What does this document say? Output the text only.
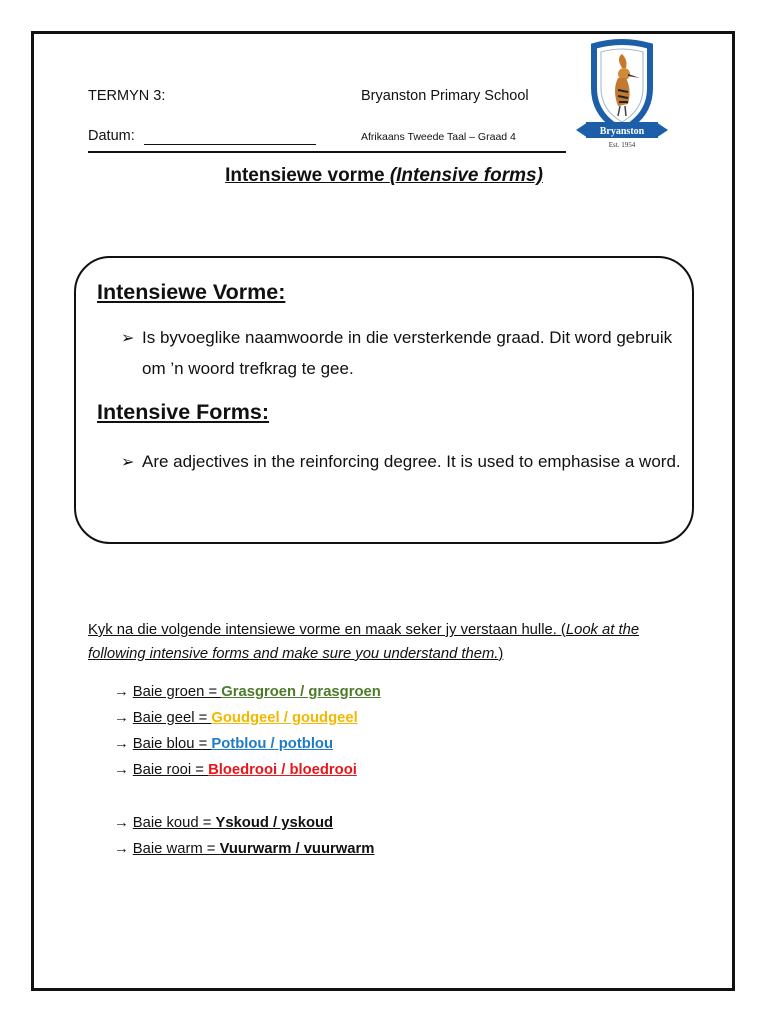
TERMYN 3:	Bryanston Primary School
Datum:	Afrikaans Tweede Taal – Graad 4	Bryanston
Est. 1954
Intensiewe vorme (Intensive forms)
Intensiewe Vorme:
➢ Is byvoeglike naamwoorde in die versterkende graad. Dit word gebruik om ’n woord trefkrag te gee.
Intensive Forms:
➢ Are adjectives in the reinforcing degree. It is used to emphasise a word.
Kyk na die volgende intensiewe vorme en maak seker jy verstaan hulle. (Look at the following intensive forms and make sure you understand them.)
→ Baie groen = Grasgroen / grasgroen
→ Baie geel = Goudgeel / goudgeel
→ Baie blou = Potblou / potblou
→ Baie rooi = Bloedrooi / bloedrooi
→ Baie koud = Yskoud / yskoud
→ Baie warm = Vuurwarm / vuurwarm
